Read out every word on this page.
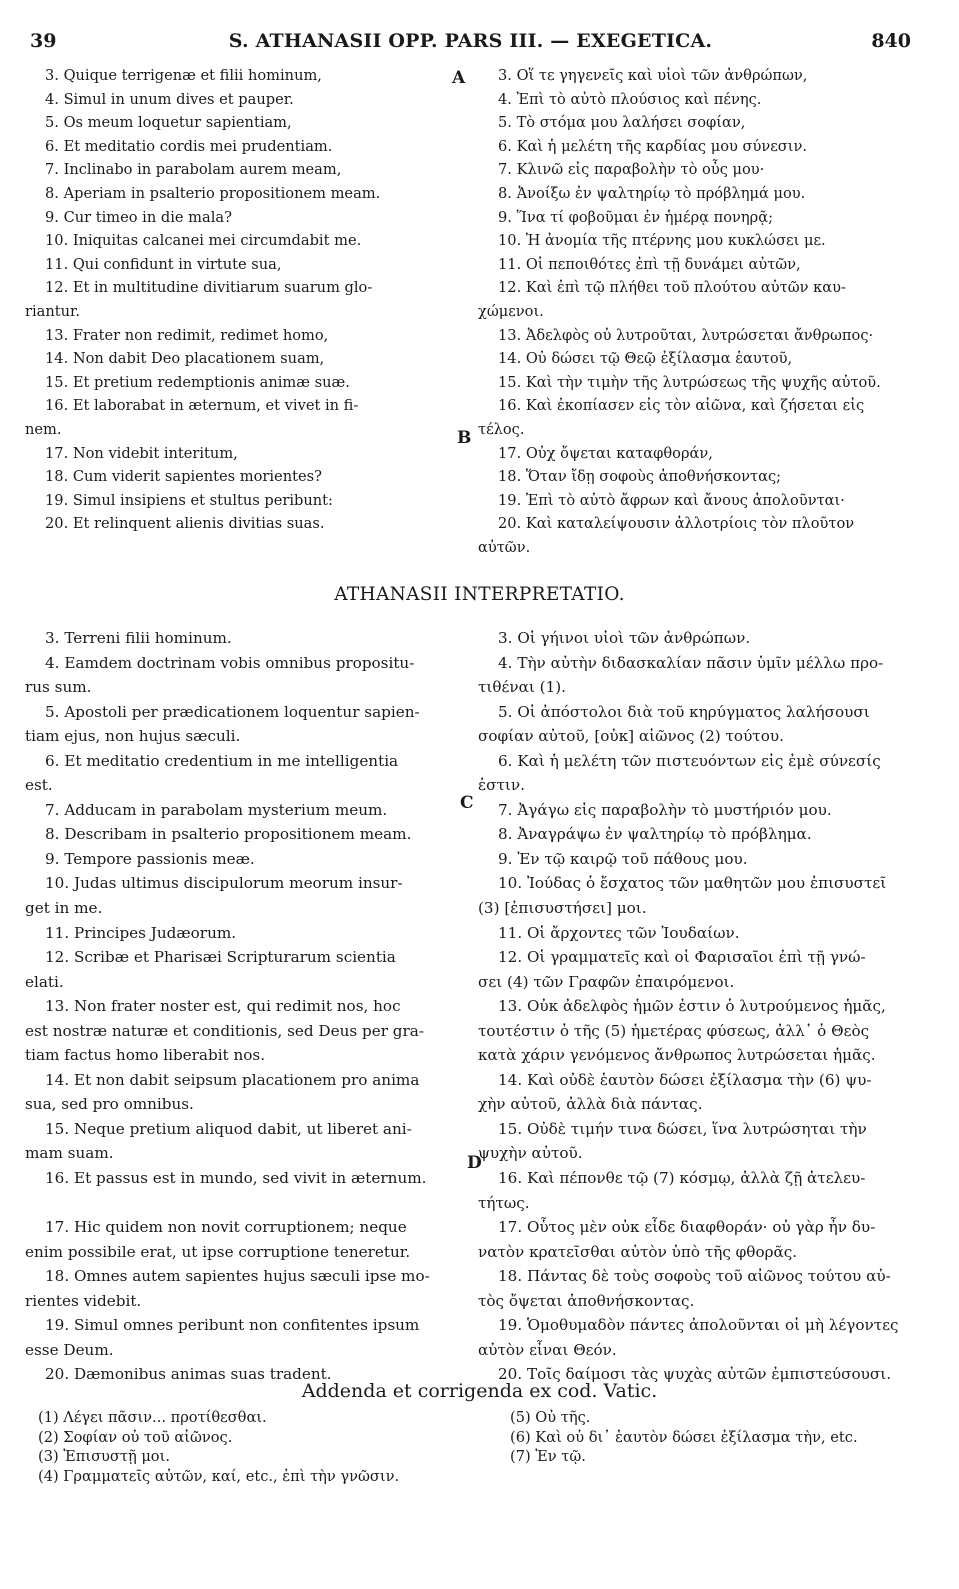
39	S. ATHANASII OPP. PARS III. — EXEGETICA.	840
3. Quique terrigenæ et filii hominum,
4. Simul in unum dives et pauper.
5. Os meum loquetur sapientiam,
6. Et meditatio cordis mei prudentiam.
7. Inclinabo in parabolam aurem meam,
8. Aperiam in psalterio propositionem meam.
9. Cur timeo in die mala?
10. Iniquitas calcanei mei circumdabit me.
11. Qui confidunt in virtute sua,
12. Et in multitudine divitiarum suarum glo-
riantur.
13. Frater non redimit, redimet homo,
14. Non dabit Deo placationem suam,
15. Et pretium redemptionis animæ suæ.
16. Et laborabat in æternum, et vivet in fi-
nem.
17. Non videbit interitum,
18. Cum viderit sapientes morientes?
19. Simul insipiens et stultus peribunt:
20. Et relinquent alienis divitias suas.
3. Οἵ τε γηγενεῖς καὶ υἱοὶ τῶν ἀνθρώπων,
4. Ἐπὶ τὸ αὐτὸ πλούσιος καὶ πένης.
5. Τὸ στόμα μου λαλήσει σοφίαν,
6. Καὶ ἡ μελέτη τῆς καρδίας μου σύνεσιν.
7. Κλινῶ εἰς παραβολὴν τὸ οὖς μου·
8. Ἀνοίξω ἐν ψαλτηρίῳ τὸ πρόβλημά μου.
9. Ἵνα τί φοβοῦμαι ἐν ἡμέρᾳ πονηρᾷ;
10. Ἡ ἀνομία τῆς πτέρνης μου κυκλώσει με.
11. Οἱ πεποιθότες ἐπὶ τῇ δυνάμει αὐτῶν,
12. Καὶ ἐπὶ τῷ πλήθει τοῦ πλούτου αὐτῶν καυ-
χώμενοι.
13. Ἀδελφὸς οὐ λυτροῦται, λυτρώσεται ἄνθρωπος·
14. Οὐ δώσει τῷ Θεῷ ἐξίλασμα ἑαυτοῦ,
15. Καὶ τὴν τιμὴν τῆς λυτρώσεως τῆς ψυχῆς αὐτοῦ.
16. Καὶ ἐκοπίασεν εἰς τὸν αἰῶνα, καὶ ζήσεται εἰς
τέλος.
17. Οὐχ ὄψεται καταφθοράν,
18. Ὅταν ἴδῃ σοφοὺς ἀποθνήσκοντας;
19. Ἐπὶ τὸ αὐτὸ ἄφρων καὶ ἄνους ἀπολοῦνται·
20. Καὶ καταλείψουσιν ἀλλοτρίοις τὸν πλοῦτον
αὐτῶν.
A
B
ATHANASII INTERPRETATIO.
3. Terreni filii hominum.
4. Eamdem doctrinam vobis omnibus propositu-
rus sum.
5. Apostoli per prædicationem loquentur sapien-
tiam ejus, non hujus sæculi.
6. Et meditatio credentium in me intelligentia
est.
7. Adducam in parabolam mysterium meum.
8. Describam in psalterio propositionem meam.
9. Tempore passionis meæ.
10. Judas ultimus discipulorum meorum insur-
get in me.
11. Principes Judæorum.
12. Scribæ et Pharisæi Scripturarum scientia
elati.
13. Non frater noster est, qui redimit nos, hoc
est nostræ naturæ et conditionis, sed Deus per gra-
tiam factus homo liberabit nos.
14. Et non dabit seipsum placationem pro anima
sua, sed pro omnibus.
15. Neque pretium aliquod dabit, ut liberet ani-
mam suam.
16. Et passus est in mundo, sed vivit in æternum.

17. Hic quidem non novit corruptionem; neque
enim possibile erat, ut ipse corruptione teneretur.
18. Omnes autem sapientes hujus sæculi ipse mo-
rientes videbit.
19. Simul omnes peribunt non confitentes ipsum
esse Deum.
20. Dæmonibus animas suas tradent.
3. Οἱ γήινοι υἱοὶ τῶν ἀνθρώπων.
4. Τὴν αὐτὴν διδασκαλίαν πᾶσιν ὑμῖν μέλλω προ-
τιθέναι (1).
5. Οἱ ἀπόστολοι διὰ τοῦ κηρύγματος λαλήσουσι
σοφίαν αὐτοῦ, [οὐκ] αἰῶνος (2) τούτου.
6. Καὶ ἡ μελέτη τῶν πιστευόντων εἰς ἐμὲ σύνεσίς
ἐστιν.
7. Ἀγάγω εἰς παραβολὴν τὸ μυστήριόν μου.
8. Ἀναγράψω ἐν ψαλτηρίῳ τὸ πρόβλημα.
9. Ἐν τῷ καιρῷ τοῦ πάθους μου.
10. Ἰούδας ὁ ἔσχατος τῶν μαθητῶν μου ἐπισυστεῖ
(3) [ἐπισυστήσει] μοι.
11. Οἱ ἄρχοντες τῶν Ἰουδαίων.
12. Οἱ γραμματεῖς καὶ οἱ Φαρισαῖοι ἐπὶ τῇ γνώ-
σει (4) τῶν Γραφῶν ἐπαιρόμενοι.
13. Οὐκ ἀδελφὸς ἡμῶν ἐστιν ὁ λυτρούμενος ἡμᾶς,
τουτέστιν ὁ τῆς (5) ἡμετέρας φύσεως, ἀλλ᾽ ὁ Θεὸς
κατὰ χάριν γενόμενος ἄνθρωπος λυτρώσεται ἡμᾶς.
14. Καὶ οὐδὲ ἑαυτὸν δώσει ἐξίλασμα τὴν (6) ψυ-
χὴν αὐτοῦ, ἀλλὰ διὰ πάντας.
15. Οὐδὲ τιμήν τινα δώσει, ἵνα λυτρώσηται τὴν
ψυχὴν αὐτοῦ.
16. Καὶ πέπονθε τῷ (7) κόσμῳ, ἀλλὰ ζῇ ἀτελευ-
τήτως.
17. Οὗτος μὲν οὐκ εἶδε διαφθοράν· οὐ γὰρ ἦν δυ-
νατὸν κρατεῖσθαι αὐτὸν ὑπὸ τῆς φθορᾶς.
18. Πάντας δὲ τοὺς σοφοὺς τοῦ αἰῶνος τούτου αὐ-
τὸς ὄψεται ἀποθνήσκοντας.
19. Ὁμοθυμαδὸν πάντες ἀπολοῦνται οἱ μὴ λέγοντες
αὐτὸν εἶναι Θεόν.
20. Τοῖς δαίμοσι τὰς ψυχὰς αὐτῶν ἐμπιστεύσουσι.
C
D
Addenda et corrigenda ex cod. Vatic.
(1) Λέγει πᾶσιν... προτίθεσθαι.
(2) Σοφίαν οὐ τοῦ αἰῶνος.
(3) Ἐπισυστῇ μοι.
(4) Γραμματεῖς αὐτῶν, καί, etc., ἐπὶ τὴν γνῶσιν.
(5) Οὐ τῆς.
(6) Καὶ οὐ δι᾽ ἑαυτὸν δώσει ἐξίλασμα τὴν, etc.
(7) Ἐν τῷ.
